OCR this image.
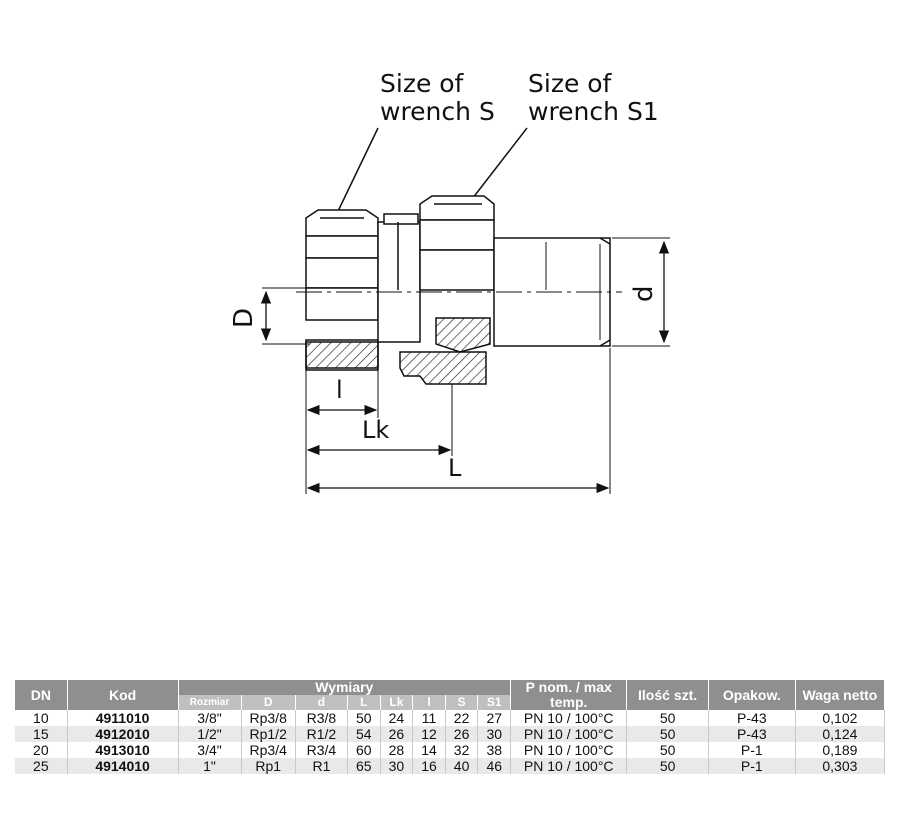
Size of
wrench S
Size of
wrench S1
D
d
l
Lk
L
DN	Kod	Wymiary								P nom. / max temp.	Ilość szt.	Opakow.	Waga netto
		Rozmiar	D	d	L	Lk	l	S	S1				
10	4911010	3/8"	Rp3/8	R3/8	50	24	11	22	27	PN 10 / 100°C	50	P-43	0,102
15	4912010	1/2"	Rp1/2	R1/2	54	26	12	26	30	PN 10 / 100°C	50	P-43	0,124
20	4913010	3/4"	Rp3/4	R3/4	60	28	14	32	38	PN 10 / 100°C	50	P-1	0,189
25	4914010	1"	Rp1	R1	65	30	16	40	46	PN 10 / 100°C	50	P-1	0,303
